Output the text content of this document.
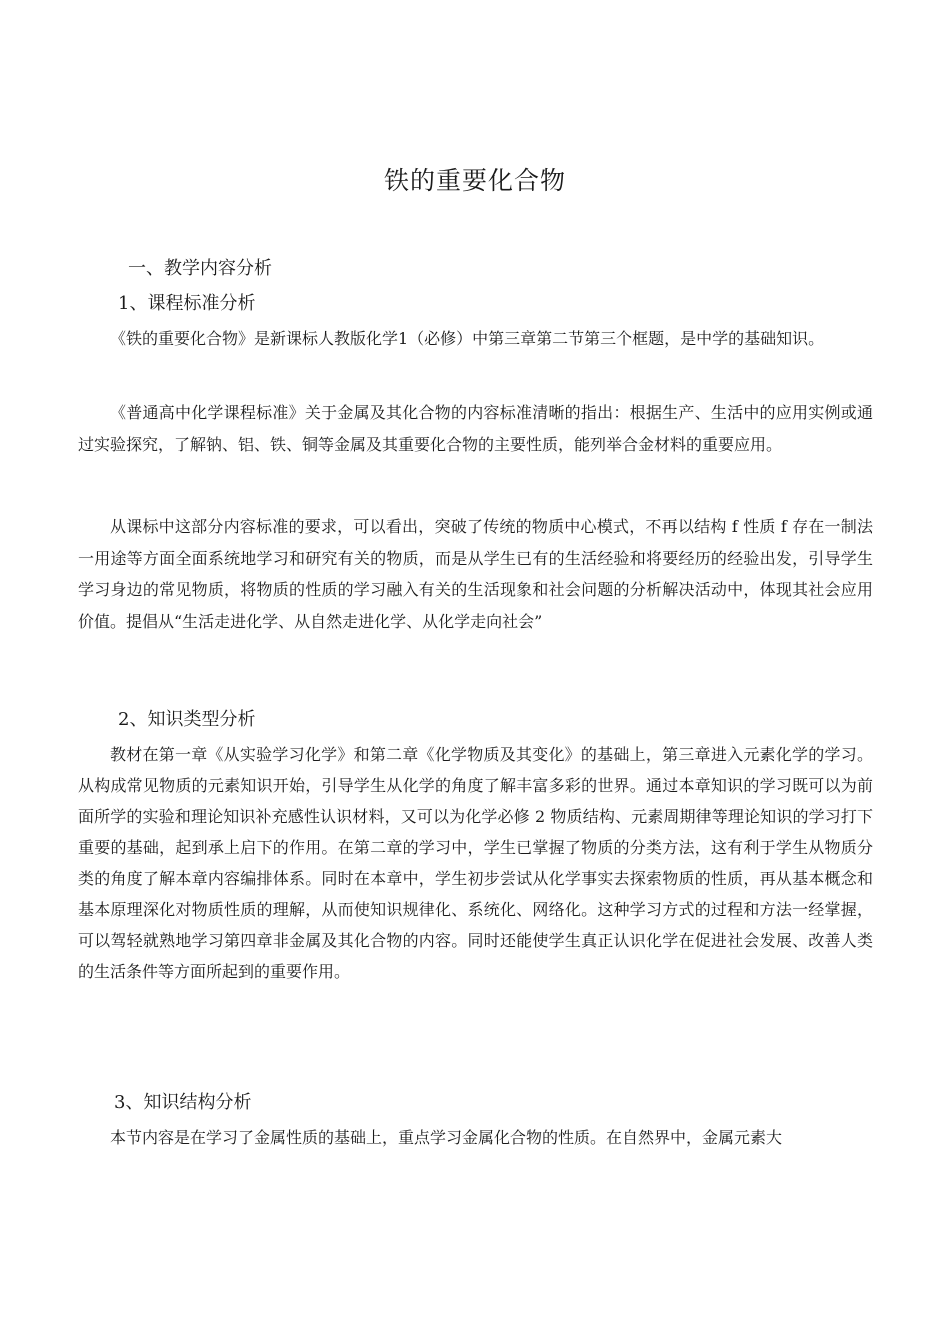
铁的重要化合物
一、教学内容分析
1、课程标准分析

《铁的重要化合物》是新课标人教版化学1（必修）中第三章第二节第三个框题，是中学的基础知识。

《普通高中化学课程标准》关于金属及其化合物的内容标准清晰的指出：根据生产、生活中的应用实例或通过实验探究，了解钠、铝、铁、铜等金属及其重要化合物的主要性质，能列举合金材料的重要应用。

从课标中这部分内容标准的要求，可以看出，突破了传统的物质中心模式，不再以结构 f 性质 f 存在一制法一用途等方面全面系统地学习和研究有关的物质，而是从学生已有的生活经验和将要经历的经验出发，引导学生学习身边的常见物质，将物质的性质的学习融入有关的生活现象和社会问题的分析解决活动中，体现其社会应用价值。提倡从“生活走进化学、从自然走进化学、从化学走向社会”

2、知识类型分析

教材在第一章《从实验学习化学》和第二章《化学物质及其变化》的基础上，第三章进入元素化学的学习。从构成常见物质的元素知识开始，引导学生从化学的角度了解丰富多彩的世界。通过本章知识的学习既可以为前面所学的实验和理论知识补充感性认识材料，又可以为化学必修 2 物质结构、元素周期律等理论知识的学习打下重要的基础，起到承上启下的作用。在第二章的学习中，学生已掌握了物质的分类方法，这有利于学生从物质分类的角度了解本章内容编排体系。同时在本章中，学生初步尝试从化学事实去探索物质的性质，再从基本概念和基本原理深化对物质性质的理解，从而使知识规律化、系统化、网络化。这种学习方式的过程和方法一经掌握，可以驾轻就熟地学习第四章非金属及其化合物的内容。同时还能使学生真正认识化学在促进社会发展、改善人类的生活条件等方面所起到的重要作用。

3、知识结构分析

本节内容是在学习了金属性质的基础上，重点学习金属化合物的性质。在自然界中，金属元素大
